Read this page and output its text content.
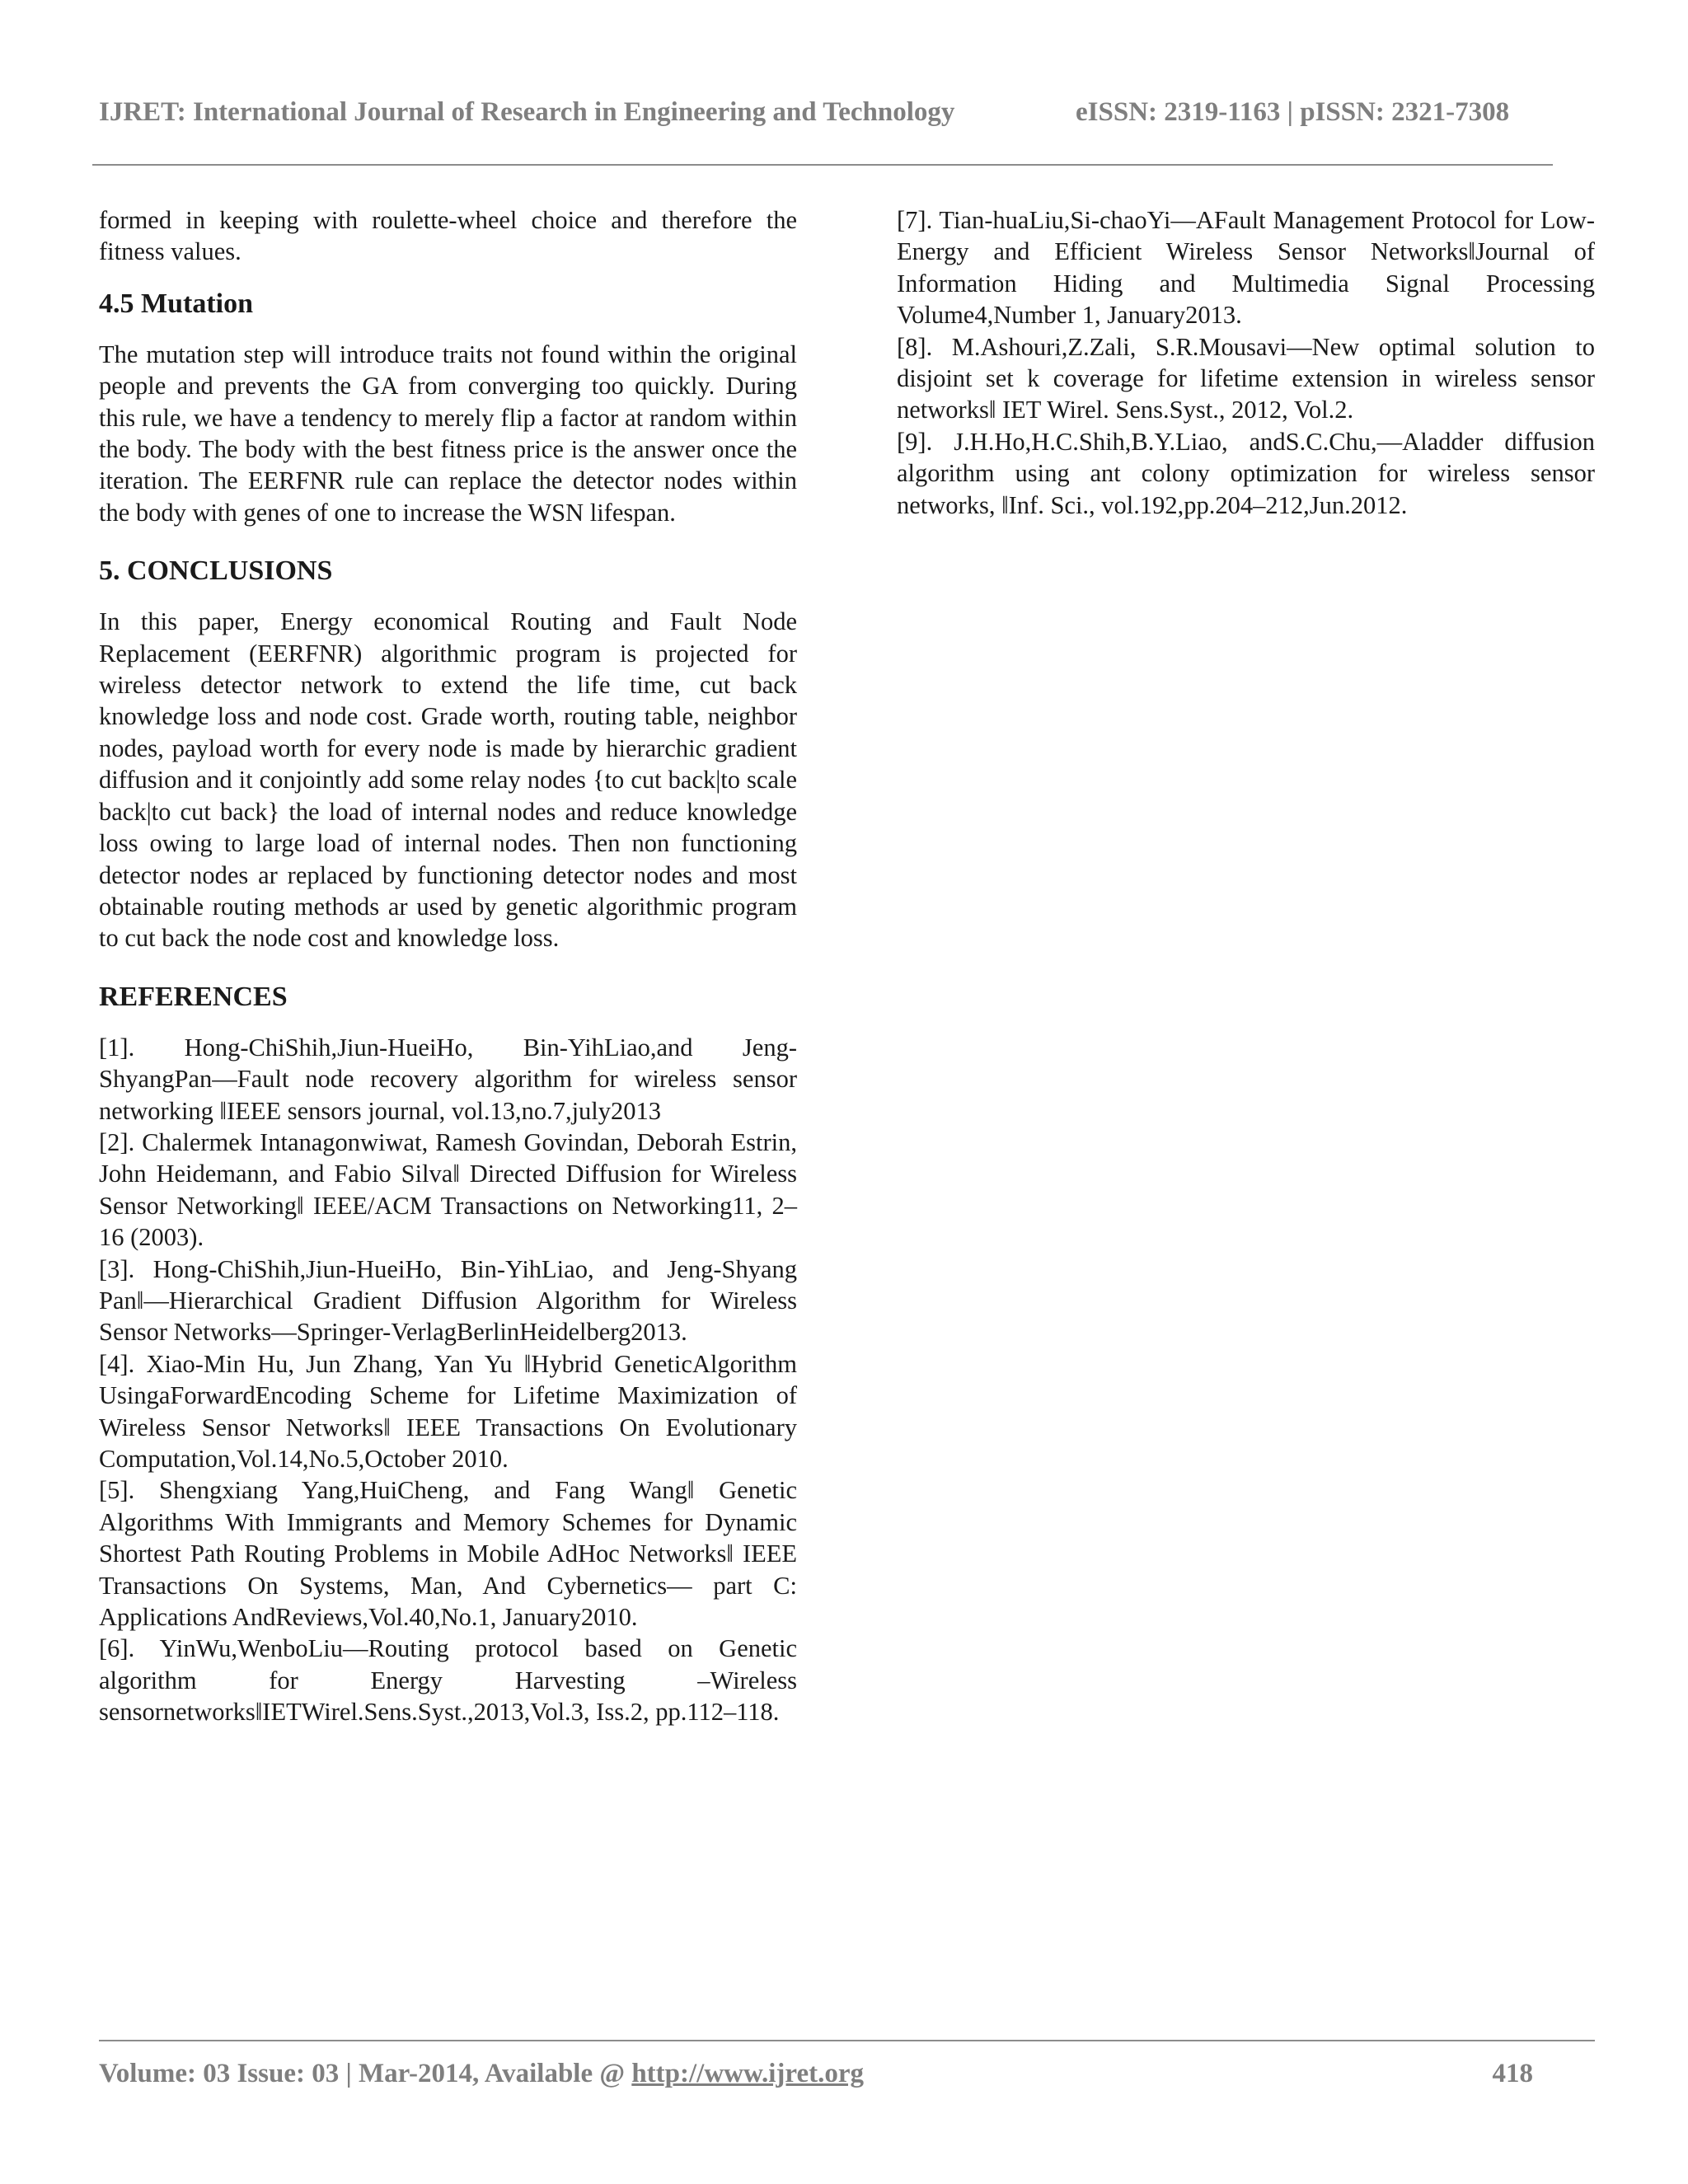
IJRET: International Journal of Research in Engineering and Technology	eISSN: 2319-1163 | pISSN: 2321-7308

formed in keeping with roulette-wheel choice and therefore the fitness values.

4.5 Mutation

The mutation step will introduce traits not found within the original people and prevents the GA from converging too quickly. During this rule, we have a tendency to merely flip a factor at random within the body. The body with the best fitness price is the answer once the iteration. The EERFNR rule can replace the detector nodes within the body with genes of one to increase the WSN lifespan.

5. CONCLUSIONS

In this paper, Energy economical Routing and Fault Node Replacement (EERFNR) algorithmic program is projected for wireless detector network to extend the life time, cut back knowledge loss and node cost. Grade worth, routing table, neighbor nodes, payload worth for every node is made by hierarchic gradient diffusion and it conjointly add some relay nodes {to cut back|to scale back|to cut back} the load of internal nodes and reduce knowledge loss owing to large load of internal nodes. Then non functioning detector nodes ar replaced by functioning detector nodes and most obtainable routing methods ar used by genetic algorithmic program to cut back the node cost and knowledge loss.

REFERENCES

[1]. Hong-ChiShih,Jiun-HueiHo, Bin-YihLiao,and Jeng-ShyangPan―Fault node recovery algorithm for wireless sensor networking ‖IEEE sensors journal, vol.13,no.7,july2013

[2]. Chalermek Intanagonwiwat, Ramesh Govindan, Deborah Estrin, John Heidemann, and Fabio Silva‖ Directed Diffusion for Wireless Sensor Networking‖ IEEE/ACM Transactions on Networking11, 2–16 (2003).

[3]. Hong-ChiShih,Jiun-HueiHo, Bin-YihLiao, and Jeng-Shyang Pan‖―Hierarchical Gradient Diffusion Algorithm for Wireless Sensor Networks―Springer-VerlagBerlinHeidelberg2013.

[4]. Xiao-Min Hu, Jun Zhang, Yan Yu ‖Hybrid GeneticAlgorithm UsingaForwardEncoding Scheme for Lifetime Maximization of Wireless Sensor Networks‖ IEEE Transactions On Evolutionary Computation,Vol.14,No.5,October 2010.

[5]. Shengxiang Yang,HuiCheng, and Fang Wang‖ Genetic Algorithms With Immigrants and Memory Schemes for Dynamic Shortest Path Routing Problems in Mobile AdHoc Networks‖ IEEE Transactions On Systems, Man, And Cybernetics— part C: Applications AndReviews,Vol.40,No.1, January2010.

[6]. YinWu,WenboLiu―Routing protocol based on Genetic algorithm for Energy Harvesting –Wireless sensornetworks‖IETWirel.Sens.Syst.,2013,Vol.3, Iss.2, pp.112–118.

[7]. Tian-huaLiu,Si-chaoYi―AFault Management Protocol for Low-Energy and Efficient Wireless Sensor Networks‖Journal of Information Hiding and Multimedia Signal Processing Volume4,Number 1, January2013.

[8]. M.Ashouri,Z.Zali, S.R.Mousavi―New optimal solution to disjoint set k coverage for lifetime extension in wireless sensor networks‖ IET Wirel. Sens.Syst., 2012, Vol.2.

[9]. J.H.Ho,H.C.Shih,B.Y.Liao, andS.C.Chu,―Aladder diffusion algorithm using ant colony optimization for wireless sensor networks, ‖Inf. Sci., vol.192,pp.204–212,Jun.2012.

Volume: 03 Issue: 03 | Mar-2014, Available @ http://www.ijret.org	418
